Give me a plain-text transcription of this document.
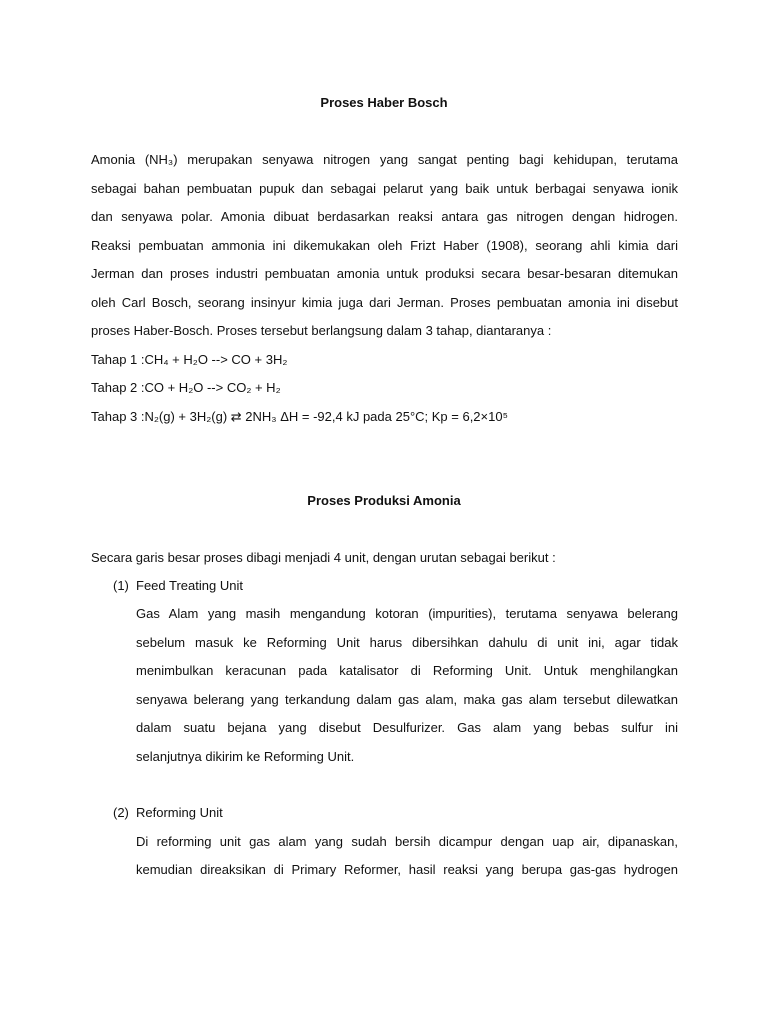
Proses Haber Bosch
Amonia (NH₃) merupakan senyawa nitrogen yang sangat penting bagi kehidupan, terutama
sebagai bahan pembuatan pupuk dan sebagai pelarut yang baik untuk berbagai senyawa ionik
dan senyawa polar. Amonia dibuat berdasarkan reaksi antara gas nitrogen dengan hidrogen.
Reaksi pembuatan ammonia ini dikemukakan oleh Frizt Haber (1908), seorang ahli kimia dari
Jerman dan proses industri pembuatan amonia untuk produksi secara besar-besaran ditemukan
oleh Carl Bosch, seorang insinyur kimia juga dari Jerman. Proses pembuatan amonia ini disebut
proses Haber-Bosch. Proses tersebut berlangsung dalam 3 tahap, diantaranya :
Tahap 1 :CH₄ + H₂O --> CO + 3H₂
Tahap 2 :CO + H₂O --> CO₂ + H₂
Tahap 3 :N₂(g) + 3H₂(g) ⇄ 2NH₃ ΔH = -92,4 kJ pada 25°C; Kp = 6,2×10⁵
Proses Produksi Amonia
Secara garis besar proses dibagi menjadi 4 unit, dengan urutan sebagai berikut :
(1) Feed Treating Unit
Gas Alam yang masih mengandung kotoran (impurities), terutama senyawa belerang
sebelum masuk ke Reforming Unit harus dibersihkan dahulu di unit ini, agar tidak
menimbulkan keracunan pada katalisator di Reforming Unit. Untuk menghilangkan
senyawa belerang yang terkandung dalam gas alam, maka gas alam tersebut dilewatkan
dalam suatu bejana yang disebut Desulfurizer. Gas alam yang bebas sulfur ini
selanjutnya dikirim ke Reforming Unit.
(2) Reforming Unit
Di reforming unit gas alam yang sudah bersih dicampur dengan uap air, dipanaskan,
kemudian direaksikan di Primary Reformer, hasil reaksi yang berupa gas-gas hydrogen
